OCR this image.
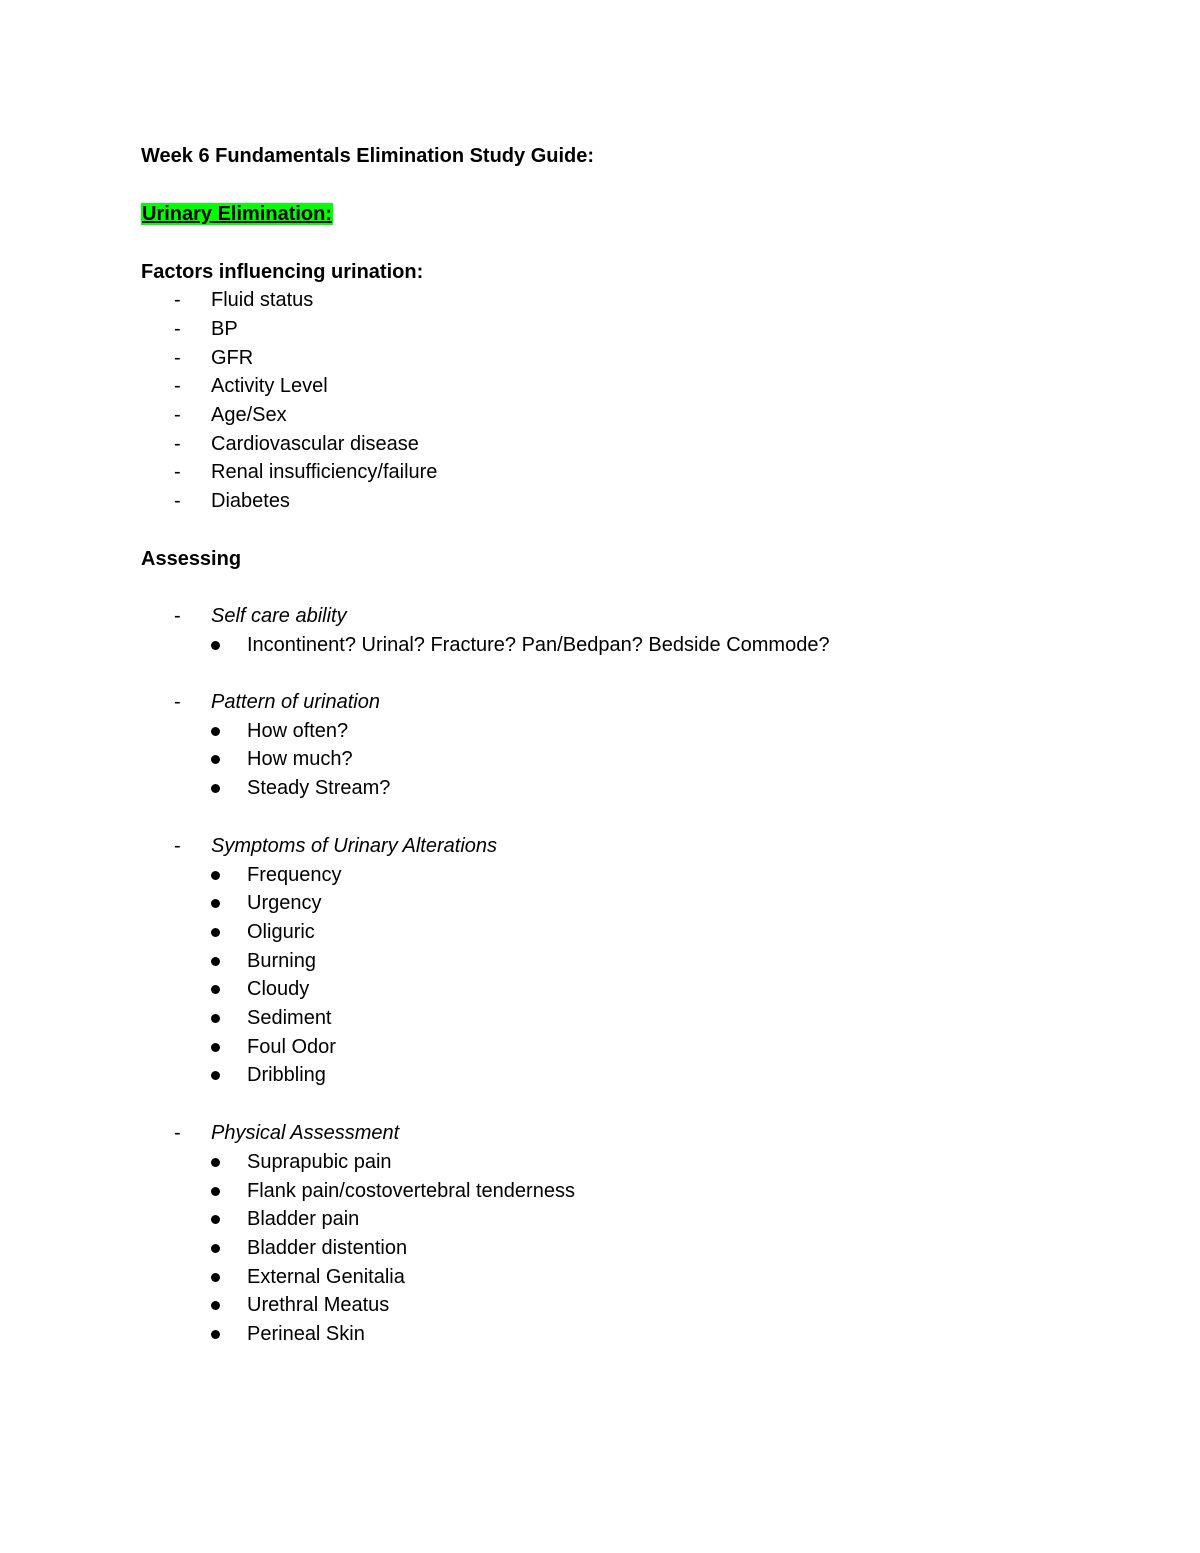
Week 6 Fundamentals Elimination Study Guide:
Urinary Elimination:
Factors influencing urination:
- Fluid status
- BP
- GFR
- Activity Level
- Age/Sex
- Cardiovascular disease
- Renal insufficiency/failure
- Diabetes
Assessing
- Self care ability
Incontinent? Urinal? Fracture? Pan/Bedpan? Bedside Commode?
- Pattern of urination
How often?
How much?
Steady Stream?
- Symptoms of Urinary Alterations
Frequency
Urgency
Oliguric
Burning
Cloudy
Sediment
Foul Odor
Dribbling
- Physical Assessment
Suprapubic pain
Flank pain/costovertebral tenderness
Bladder pain
Bladder distention
External Genitalia
Urethral Meatus
Perineal Skin
